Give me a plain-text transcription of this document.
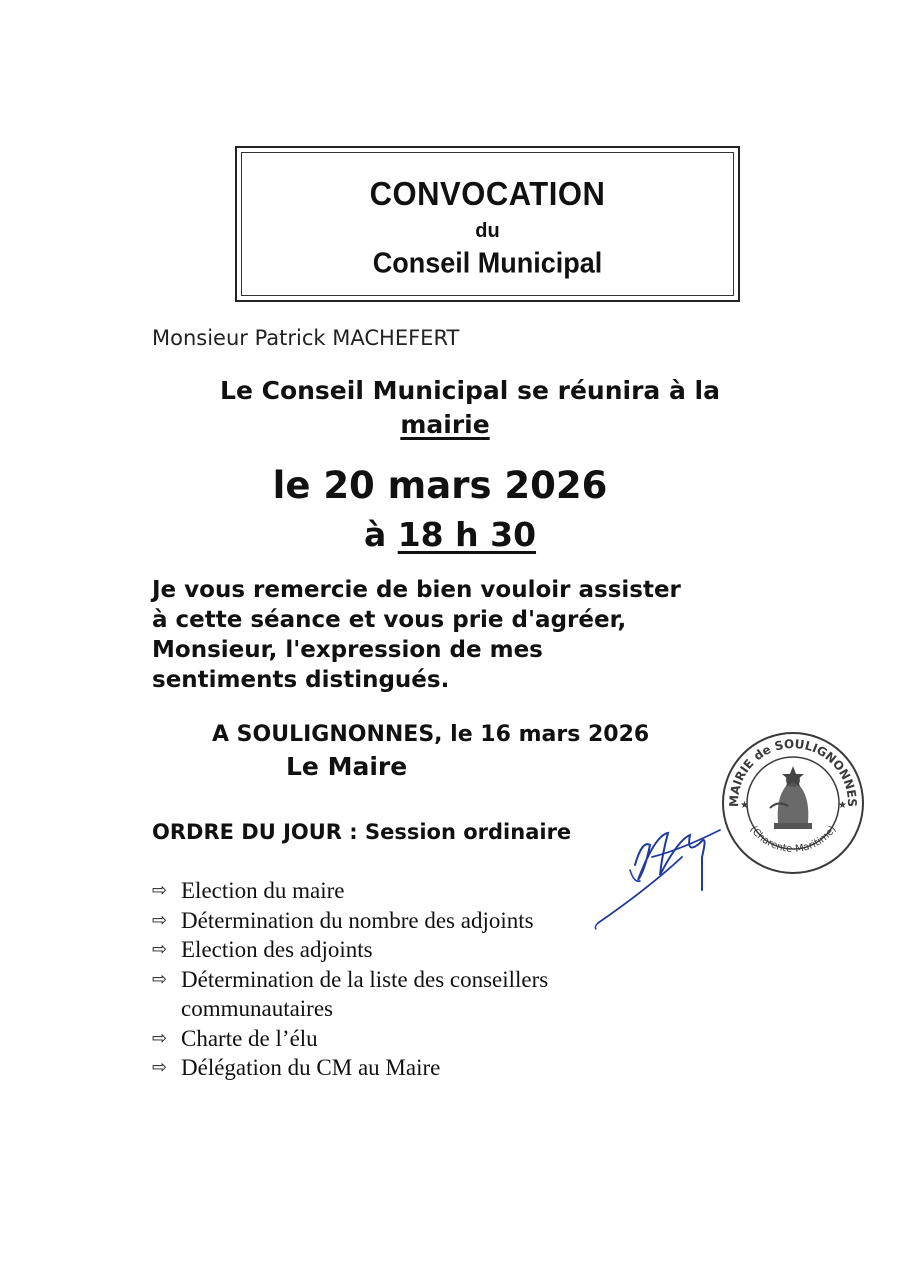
CONVOCATION
du
Conseil Municipal
Monsieur Patrick MACHEFERT
Le Conseil Municipal se réunira à la
mairie
le 20 mars 2026
à 18 h 30
Je vous remercie de bien vouloir assister
à cette séance et vous prie d'agréer,
Monsieur, l'expression de mes
sentiments distingués.
A SOULIGNONNES, le 16 mars 2026
Le Maire
MAIRIE de SOULIGNONNES
(Charente-Maritime)
★	★
ORDRE DU JOUR : Session ordinaire
⇨ Election du maire
⇨ Détermination du nombre des adjoints
⇨ Election des adjoints
⇨ Détermination de la liste des conseillers communautaires
⇨ Charte de l’élu
⇨ Délégation du CM au Maire
